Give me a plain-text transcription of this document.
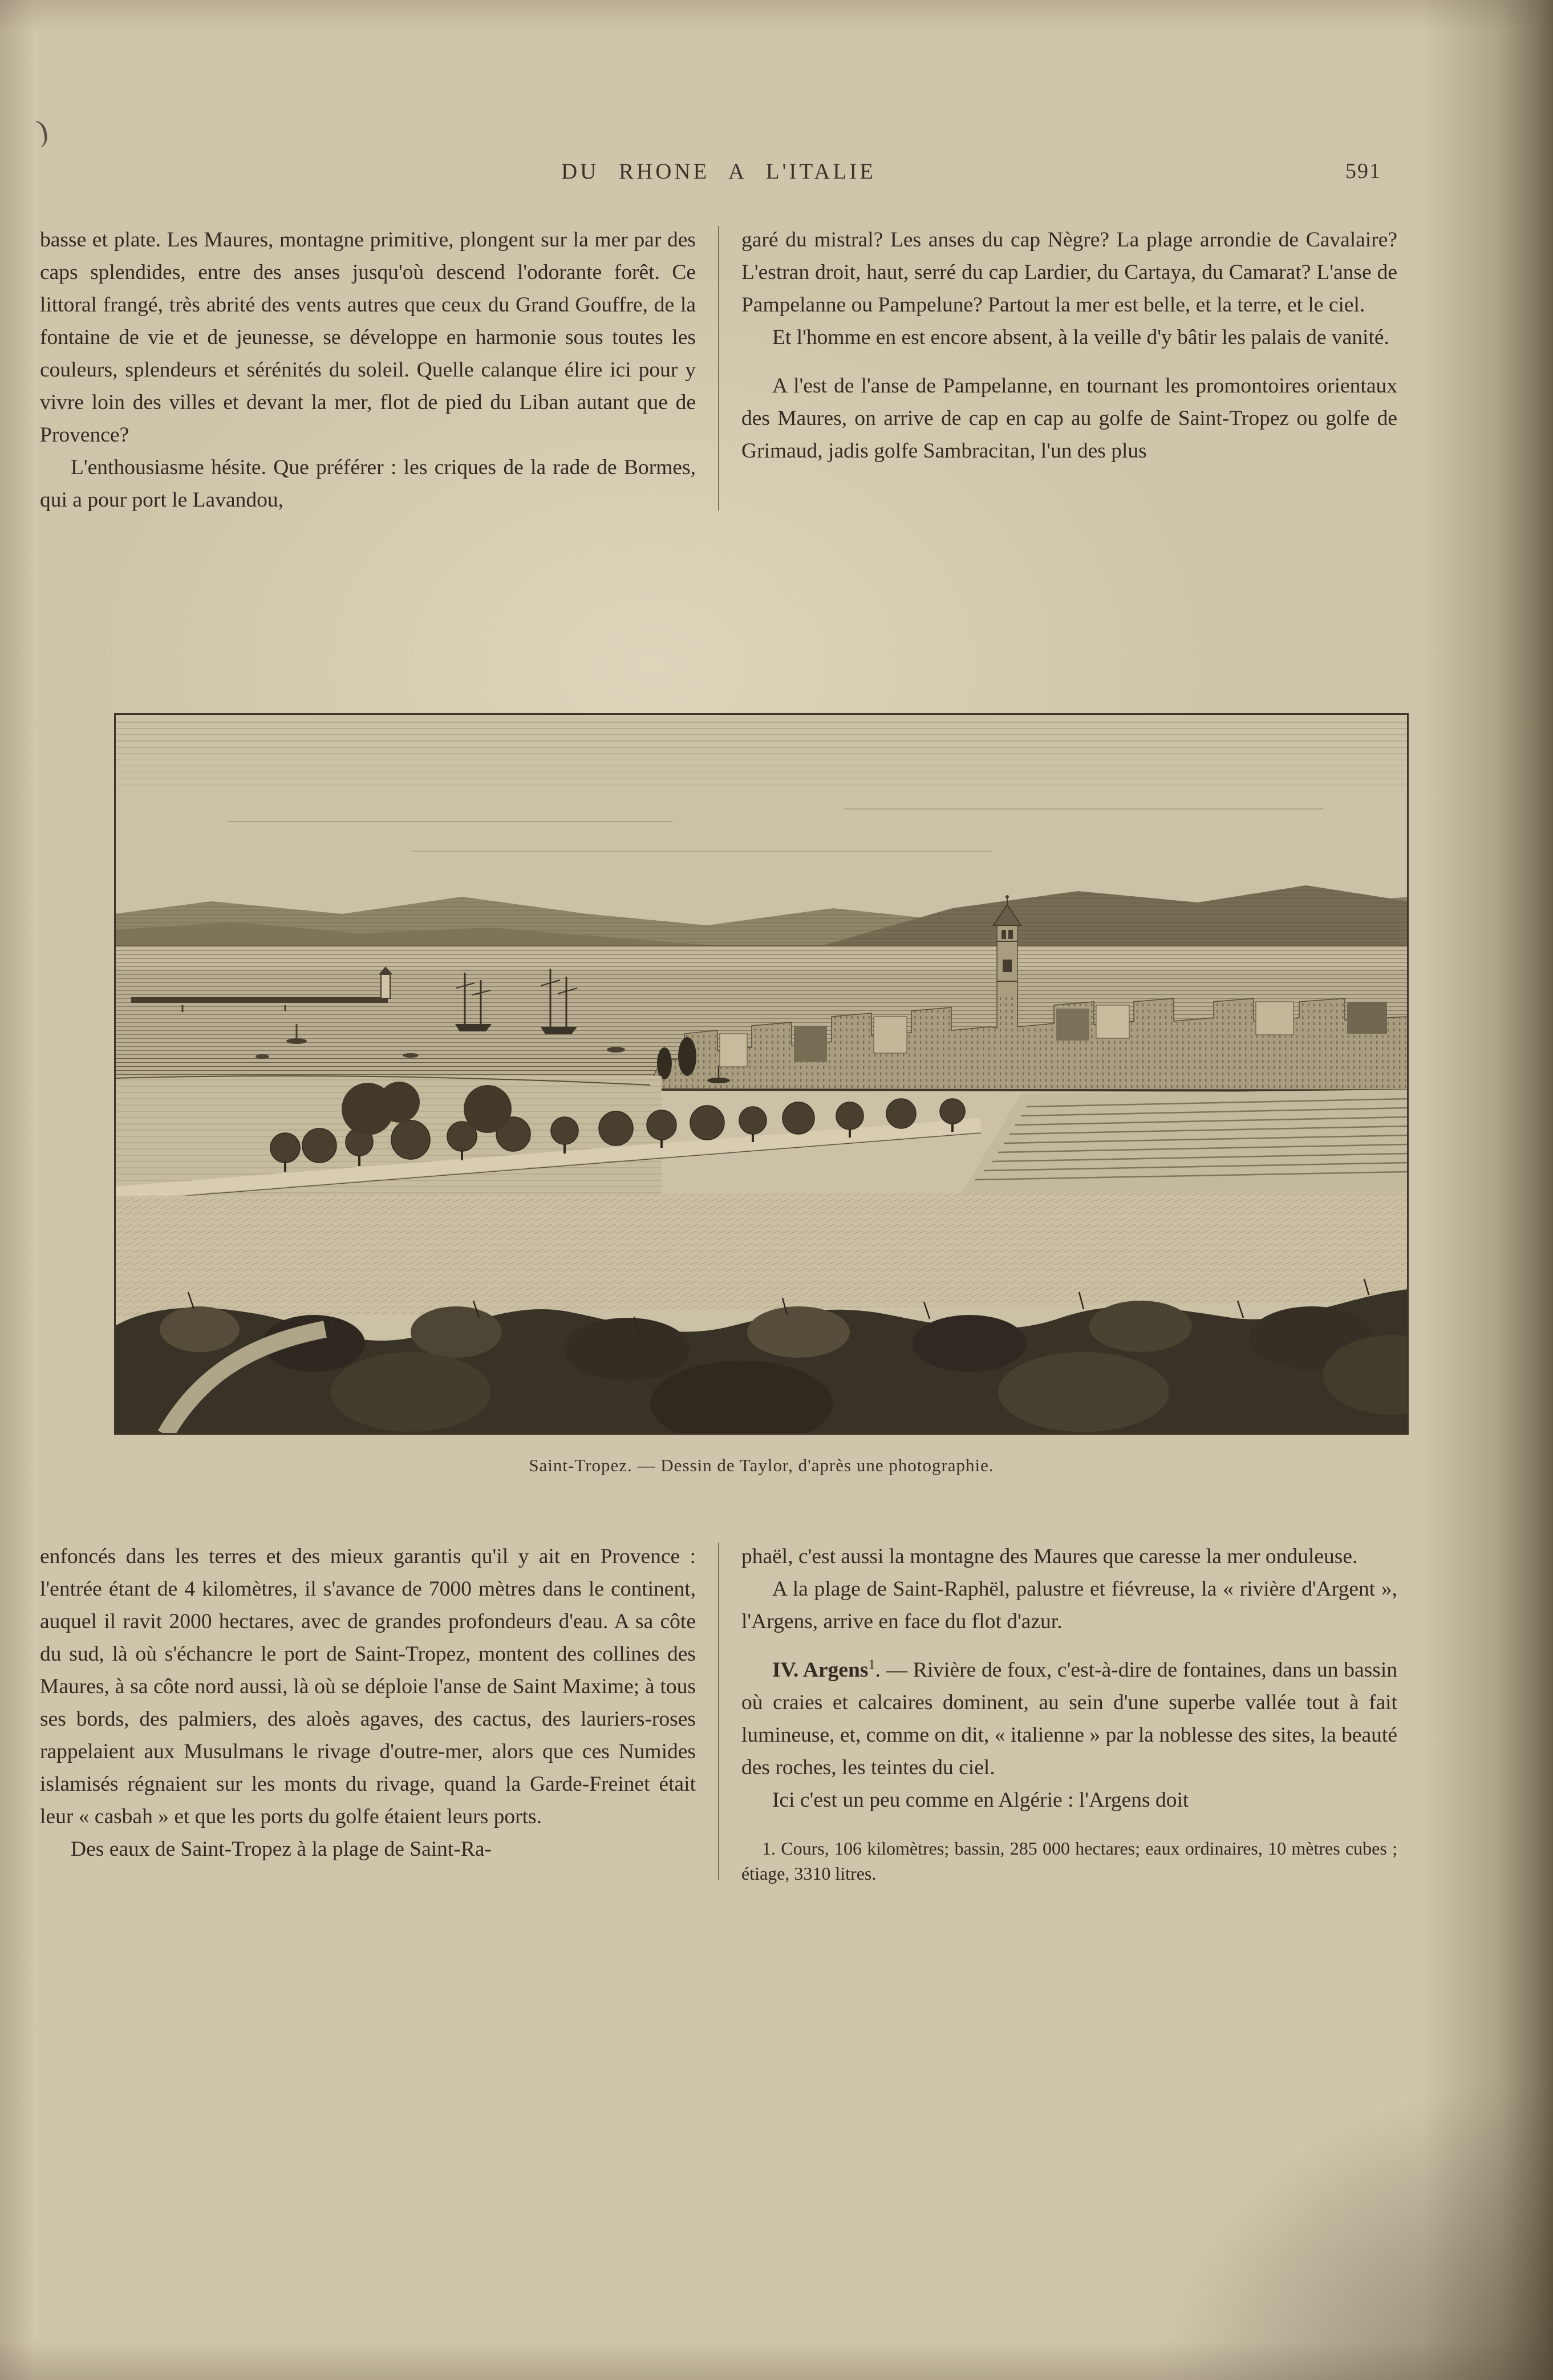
)
DU RHONE A L'ITALIE	591

basse et plate. Les Maures, montagne primitive, plongent sur la mer par des caps splendides, entre des anses jusqu'où descend l'odorante forêt. Ce littoral frangé, très abrité des vents autres que ceux du Grand Gouffre, de la fontaine de vie et de jeunesse, se développe en harmonie sous toutes les couleurs, splendeurs et sérénités du soleil. Quelle calanque élire ici pour y vivre loin des villes et devant la mer, flot de pied du Liban autant que de Provence?

L'enthousiasme hésite. Que préférer : les criques de la rade de Bormes, qui a pour port le Lavandou,

garé du mistral? Les anses du cap Nègre? La plage arrondie de Cavalaire? L'estran droit, haut, serré du cap Lardier, du Cartaya, du Camarat? L'anse de Pampelanne ou Pampelune? Partout la mer est belle, et la terre, et le ciel.

Et l'homme en est encore absent, à la veille d'y bâtir les palais de vanité.

A l'est de l'anse de Pampelanne, en tournant les promontoires orientaux des Maures, on arrive de cap en cap au golfe de Saint-Tropez ou golfe de Grimaud, jadis golfe Sambracitan, l'un des plus

Saint-Tropez. — Dessin de Taylor, d'après une photographie.

enfoncés dans les terres et des mieux garantis qu'il y ait en Provence : l'entrée étant de 4 kilomètres, il s'avance de 7000 mètres dans le continent, auquel il ravit 2000 hectares, avec de grandes profondeurs d'eau. A sa côte du sud, là où s'échancre le port de Saint-Tropez, montent des collines des Maures, à sa côte nord aussi, là où se déploie l'anse de Saint Maxime; à tous ses bords, des palmiers, des aloès agaves, des cactus, des lauriers-roses rappelaient aux Musulmans le rivage d'outre-mer, alors que ces Numides islamisés régnaient sur les monts du rivage, quand la Garde-Freinet était leur « casbah » et que les ports du golfe étaient leurs ports.

Des eaux de Saint-Tropez à la plage de Saint-Ra-

phaël, c'est aussi la montagne des Maures que caresse la mer onduleuse.

A la plage de Saint-Raphël, palustre et fiévreuse, la « rivière d'Argent », l'Argens, arrive en face du flot d'azur.

IV. Argens$^1$. — Rivière de foux, c'est-à-dire de fontaines, dans un bassin où craies et calcaires dominent, au sein d'une superbe vallée tout à fait lumineuse, et, comme on dit, « italienne » par la noblesse des sites, la beauté des roches, les teintes du ciel.

Ici c'est un peu comme en Algérie : l'Argens doit

1. Cours, 106 kilomètres; bassin, 285 000 hectares; eaux ordinaires, 10 mètres cubes ; étiage, 3310 litres.
